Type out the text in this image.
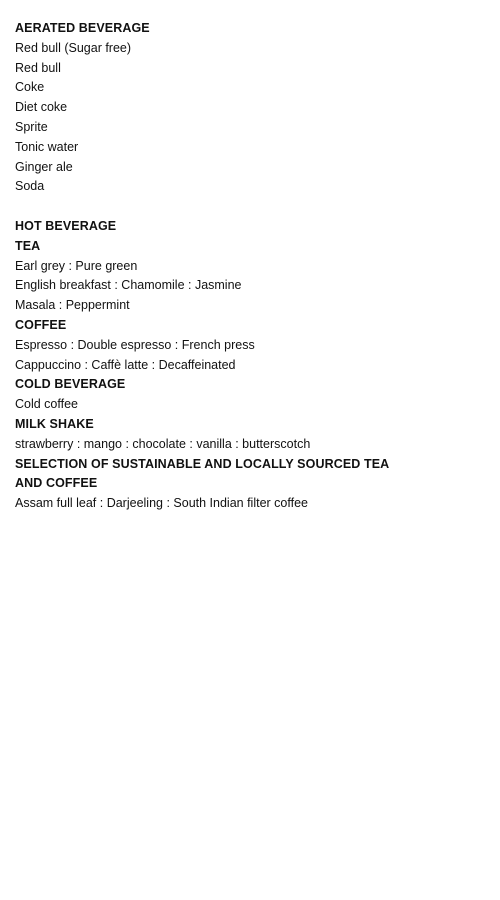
AERATED BEVERAGE
Red bull (Sugar free)
Red bull
Coke
Diet coke
Sprite
Tonic water
Ginger ale
Soda
HOT BEVERAGE
TEA
Earl grey : Pure green
English breakfast : Chamomile : Jasmine
Masala : Peppermint
COFFEE
Espresso : Double espresso : French press
Cappuccino : Caffè latte : Decaffeinated
COLD BEVERAGE
Cold coffee
MILK SHAKE
strawberry : mango : chocolate : vanilla : butterscotch
SELECTION OF SUSTAINABLE AND LOCALLY SOURCED TEA
AND COFFEE
Assam full leaf : Darjeeling : South Indian filter coffee
